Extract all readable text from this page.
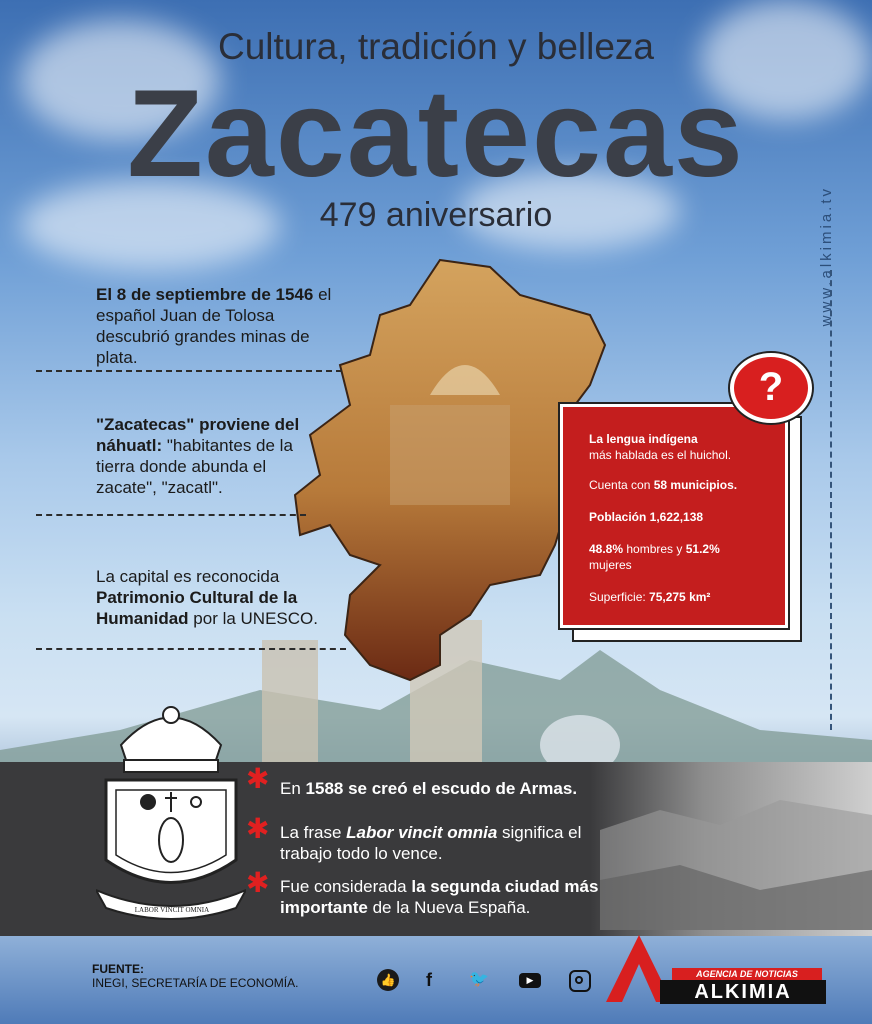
Cultura, tradición y belleza
Zacatecas
479 aniversario	www.alkimia.tv
El 8 de septiembre de 1546 el español Juan de Tolosa descubrió grandes minas de plata.
"Zacatecas" proviene del náhuatl: "habitantes de la tierra donde abunda el zacate", "zacatl".
La capital es reconocida Patrimonio Cultural de la Humanidad por la UNESCO.
La lengua indígena
más hablada es el huichol.
Cuenta con 58 municipios.
Población 1,622,138
48.8% hombres y 51.2%
mujeres
Superficie: 75,275 km²
?
LABOR VINCIT OMNIA
✱ En 1588 se creó el escudo de Armas.
✱ La frase Labor vincit omnia significa el trabajo todo lo vence.
✱ Fue considerada la segunda ciudad más importante de la Nueva España.
FUENTE:
INEGI, SECRETARÍA DE ECONOMÍA.	👍	f	🐦	▶
AGENCIA DE NOTICIAS
ALKIMIA
